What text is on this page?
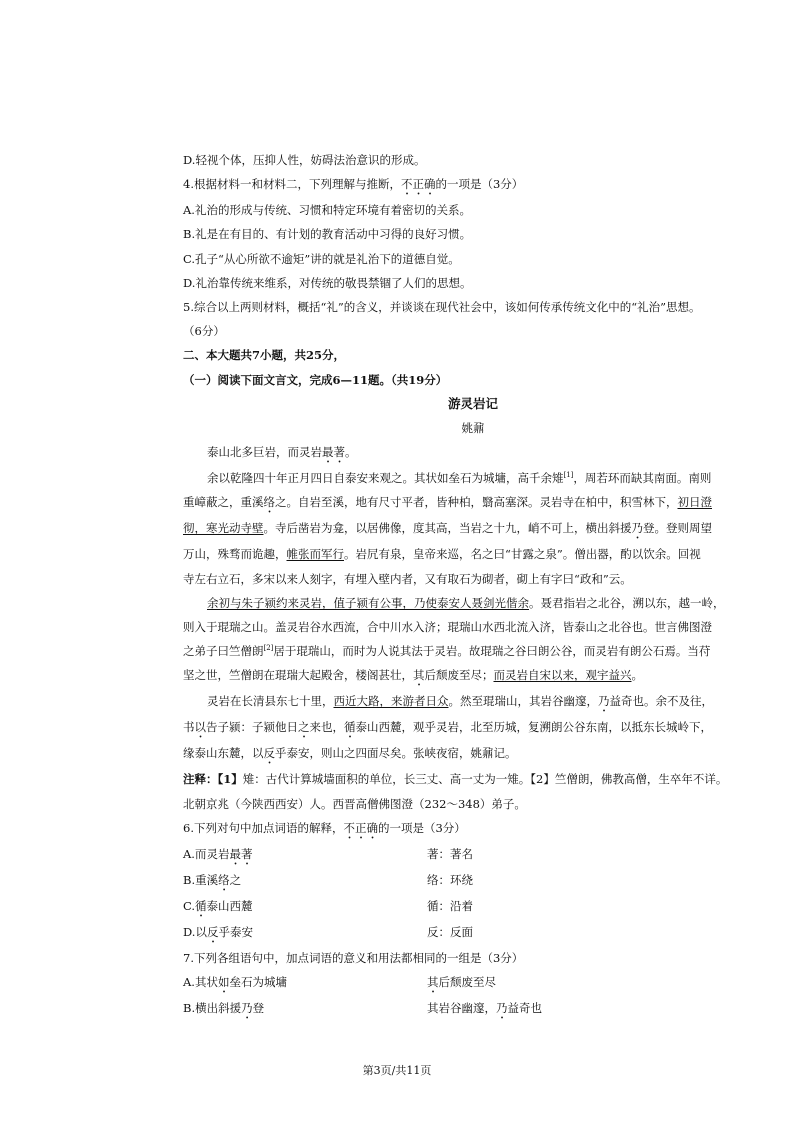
D.轻视个体，压抑人性，妨碍法治意识的形成。
4.根据材料一和材料二，下列理解与推断，不正确的一项是（3分）
A.礼治的形成与传统、习惯和特定环境有着密切的关系。
B.礼是在有目的、有计划的教育活动中习得的良好习惯。
C.孔子“从心所欲不逾矩”讲的就是礼治下的道德自觉。
D.礼治靠传统来维系，对传统的敬畏禁锢了人们的思想。
5.综合以上两则材料，概括“礼”的含义，并谈谈在现代社会中，该如何传承传统文化中的“礼治”思想。
（6分）
二、本大题共7小题，共25分，
（一）阅读下面文言文，完成6—11题。（共19分）
游灵岩记
姚鼐
泰山北多巨岩，而灵岩最著。
余以乾隆四十年正月四日自泰安来观之。其状如垒石为城墉，高千余雉[1]，周若环而缺其南面。南则
重嶂蔽之，重溪络之。自岩至溪，地有尺寸平者，皆种柏，翳高塞深。灵岩寺在柏中，积雪林下，初日澄
彻，寒光动寺壁。寺后凿岩为龛，以居佛像，度其高，当岩之十九，峭不可上，横出斜援乃登。登则周望
万山，殊骛而诡趣，帷张而军行。岩凥有泉，皇帝来巡，名之曰“甘露之泉”。僧出器，酌以饮余。回视
寺左右立石，多宋以来人刻字，有埋入壁内者，又有取石为砌者，砌上有字曰“政和”云。
余初与朱子颍约来灵岩，值子颍有公事，乃使泰安人聂剑光偕余。聂君指岩之北谷，溯以东，越一岭，
则入于琨瑞之山。盖灵岩谷水西流，合中川水入济；琨瑞山水西北流入济，皆泰山之北谷也。世言佛图澄
之弟子曰竺僧朗[2]居于琨瑞山，而时为人说其法于灵岩。故琨瑞之谷曰朗公谷，而灵岩有朗公石焉。当苻
坚之世，竺僧朗在琨瑞大起殿舍，楼阁甚壮，其后颓废至尽；而灵岩自宋以来，观宇益兴。
灵岩在长清县东七十里，西近大路，来游者日众。然至琨瑞山，其岩谷幽邃，乃益奇也。余不及往，
书以告子颍：子颍他日之来也，循泰山西麓，观乎灵岩，北至历城，复溯朗公谷东南，以抵东长城岭下，
缘泰山东麓，以反乎泰安，则山之四面尽矣。张峡夜宿，姚鼐记。
注释：【1】雉：古代计算城墙面积的单位，长三丈、高一丈为一雉。【2】竺僧朗，佛教高僧，生卒年不详。
北朝京兆（今陕西西安）人。西晋高僧佛图澄（232～348）弟子。
6.下列对句中加点词语的解释，不正确的一项是（3分）
A.而灵岩最著	著：著名
B.重溪络之	络：环绕
C.循泰山西麓	循：沿着
D.以反乎泰安	反：反面
7.下列各组语句中，加点词语的意义和用法都相同的一组是（3分）
A.其状如垒石为城墉	其后颓废至尽
B.横出斜援乃登	其岩谷幽邃，乃益奇也
第3页/共11页
